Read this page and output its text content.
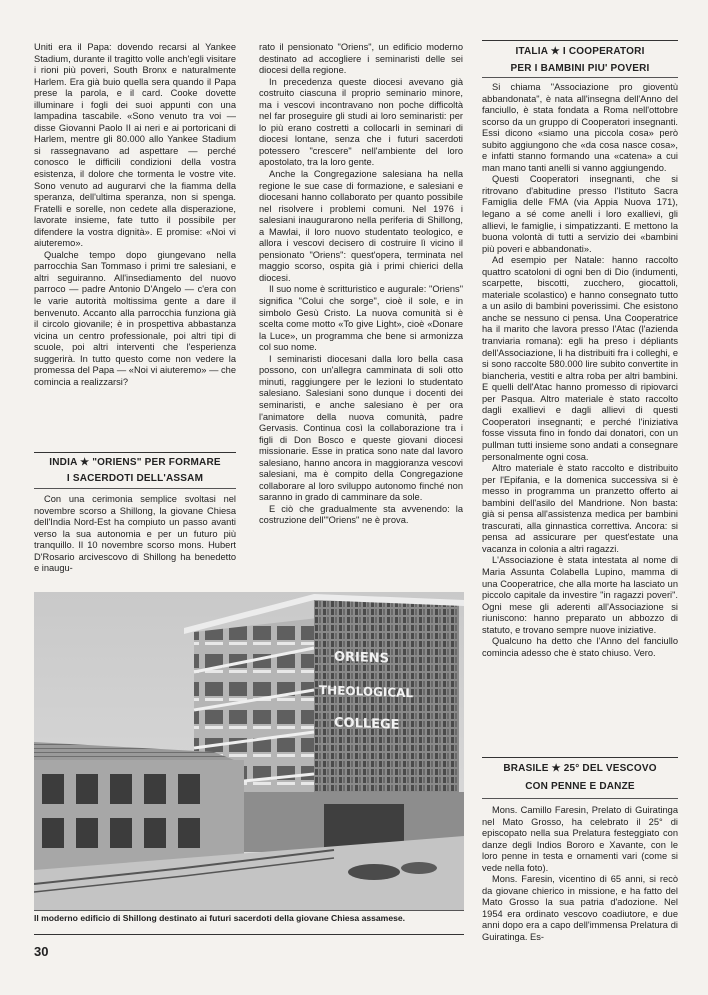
Uniti era il Papa: dovendo recarsi al Yankee Stadium, durante il tragitto volle anch'egli visitare i rioni più poveri, South Bronx e naturalmente Harlem. Era già buio quella sera quando il Papa prese la parola, e il card. Cooke dovette illuminare i fogli dei suoi appunti con una lampadina tascabile. «Sono venuto tra voi — disse Giovanni Paolo II ai neri e ai portoricani di Harlem, mentre gli 80.000 allo Yankee Stadium si rassegnavano ad aspettare — perché conosco le difficili condizioni della vostra esistenza, il dolore che tormenta le vostre vite. Sono venuto ad augurarvi che la fiamma della speranza, dell'ultima speranza, non si spenga. Fratelli e sorelle, non cedete alla disperazione, lavorate insieme, fate tutto il possibile per difendere la vostra dignità». E promise: «Noi vi aiuteremo».

Qualche tempo dopo giungevano nella parrocchia San Tommaso i primi tre salesiani, e altri seguiranno. All'insediamento del nuovo parroco — padre Antonio D'Angelo — c'era con le varie autorità moltissima gente a dare il benvenuto. Accanto alla parrocchia funziona già il circolo giovanile; è in prospettiva abbastanza vicina un centro professionale, poi altri tipi di scuole, poi altri interventi che l'esperienza suggerirà. In tutto questo come non vedere la promessa del Papa — «Noi vi aiuteremo» — che comincia a realizzarsi?

INDIA ★ "ORIENS" PER FORMARE
I SACERDOTI DELL'ASSAM

Con una cerimonia semplice svoltasi nel novembre scorso a Shillong, la giovane Chiesa dell'India Nord-Est ha compiuto un passo avanti verso la sua autonomia e per un futuro più tranquillo. Il 10 novembre scorso mons. Hubert D'Rosario arcivescovo di Shillong ha benedetto e inaugu-

rato il pensionato "Oriens", un edificio moderno destinato ad accogliere i seminaristi delle sei diocesi della regione.

In precedenza queste diocesi avevano già costruito ciascuna il proprio seminario minore, ma i vescovi incontravano non poche difficoltà nel far proseguire gli studi ai loro seminaristi: per lo più erano costretti a collocarli in seminari di diocesi lontane, senza che i futuri sacerdoti potessero "crescere" nell'ambiente del loro apostolato, tra la loro gente.

Anche la Congregazione salesiana ha nella regione le sue case di formazione, e salesiani e diocesani hanno collaborato per quanto possibile nel risolvere i problemi comuni. Nel 1976 i salesiani inaugurarono nella periferia di Shillong, a Mawlai, il loro nuovo studentato teologico, e allora i vescovi decisero di costruire lì vicino il pensionato "Oriens": quest'opera, terminata nel maggio scorso, ospita già i primi chierici della diocesi.

Il suo nome è scritturistico e augurale: "Oriens" significa "Colui che sorge", cioè il sole, e in simbolo Gesù Cristo. La nuova comunità si è scelta come motto «To give Light», cioè «Donare la Luce», un programma che bene si armonizza col suo nome.

I seminaristi diocesani dalla loro bella casa possono, con un'allegra camminata di soli otto minuti, raggiungere per le lezioni lo studentato salesiano. Salesiani sono dunque i docenti dei seminaristi, e anche salesiano è per ora l'animatore della nuova comunità, padre Gervasis. Continua così la collaborazione tra i figli di Don Bosco e queste giovani diocesi missionarie. Esse in pratica sono nate dal lavoro salesiano, hanno ancora in maggioranza vescovi salesiani, ma è compito della Congregazione collaborare al loro sviluppo autonomo finché non saranno in grado di camminare da sole.

E ciò che gradualmente sta avvenendo: la costruzione dell'"Oriens" ne è prova.

ITALIA ★ I COOPERATORI
PER I BAMBINI PIU' POVERI

Si chiama "Associazione pro gioventù abbandonata", è nata all'insegna dell'Anno del fanciullo, è stata fondata a Roma nell'ottobre scorso da un gruppo di Cooperatori insegnanti. Essi dicono «siamo una piccola cosa» però subito aggiungono che «da cosa nasce cosa», e infatti stanno formando una «catena» a cui man mano tanti anelli si vanno aggiungendo.

Questi Cooperatori insegnanti, che si ritrovano d'abitudine presso l'Istituto Sacra Famiglia delle FMA (via Appia Nuova 171), legano a sé come anelli i loro exallievi, gli allievi, le famiglie, i simpatizzanti. E mettono la buona volontà di tutti a servizio dei «bambini più poveri e abbandonati».

Ad esempio per Natale: hanno raccolto quattro scatoloni di ogni ben di Dio (indumenti, scarpette, biscotti, zucchero, giocattoli, materiale scolastico) e hanno consegnato tutto a un asilo di bambini poverissimi. Che esistono anche se nessuno ci pensa. Una Cooperatrice ha il marito che lavora presso l'Atac (l'azienda tranviaria romana): egli ha preso i dépliants dell'Associazione, li ha distribuiti fra i colleghi, e si sono raccolte 580.000 lire subito convertite in biancheria, vestiti e altra roba per altri bambini. E quelli dell'Atac hanno promesso di ripiovarci per Pasqua. Altro materiale è stato raccolto dagli exallievi e dagli allievi di questi Cooperatori insegnanti; e perché l'iniziativa fosse vissuta fino in fondo dai donatori, con un pullman tutti insieme sono andati a consegnare personalmente ogni cosa.

Altro materiale è stato raccolto e distribuito per l'Epifania, e la domenica successiva si è messo in programma un pranzetto offerto ai bambini dell'asilo del Mandrione. Non basta: già si pensa all'assistenza medica per bambini trascurati, alla ginnastica correttiva. Ancora: si pensa ad assicurare per quest'estate una vacanza in colonia a altri ragazzi.

L'Associazione è stata intestata al nome di Maria Assunta Colabella Lupino, mamma di una Cooperatrice, che alla morte ha lasciato un piccolo capitale da investire "in ragazzi poveri". Ogni mese gli aderenti all'Associazione si riuniscono: hanno preparato un abbozzo di statuto, e trovano sempre nuove iniziative.

Qualcuno ha detto che l'Anno del fanciullo comincia adesso che è stato chiuso. Vero.

BRASILE ★ 25° DEL VESCOVO
CON PENNE E DANZE

Mons. Camillo Faresin, Prelato di Guiratinga nel Mato Grosso, ha celebrato il 25° di episcopato nella sua Prelatura festeggiato con danze degli Indios Bororo e Xavante, con le loro penne in testa e ornamenti vari (come si vede nella foto).

Mons. Faresin, vicentino di 65 anni, si recò da giovane chierico in missione, e ha fatto del Mato Grosso la sua patria d'adozione. Nel 1954 era ordinato vescovo coadiutore, e due anni dopo era a capo dell'immensa Prelatura di Guiratinga. Es-

ORIENS
THEOLOGICAL
COLLEGE
Il moderno edificio di Shillong destinato ai futuri sacerdoti della giovane Chiesa assamese.
30
